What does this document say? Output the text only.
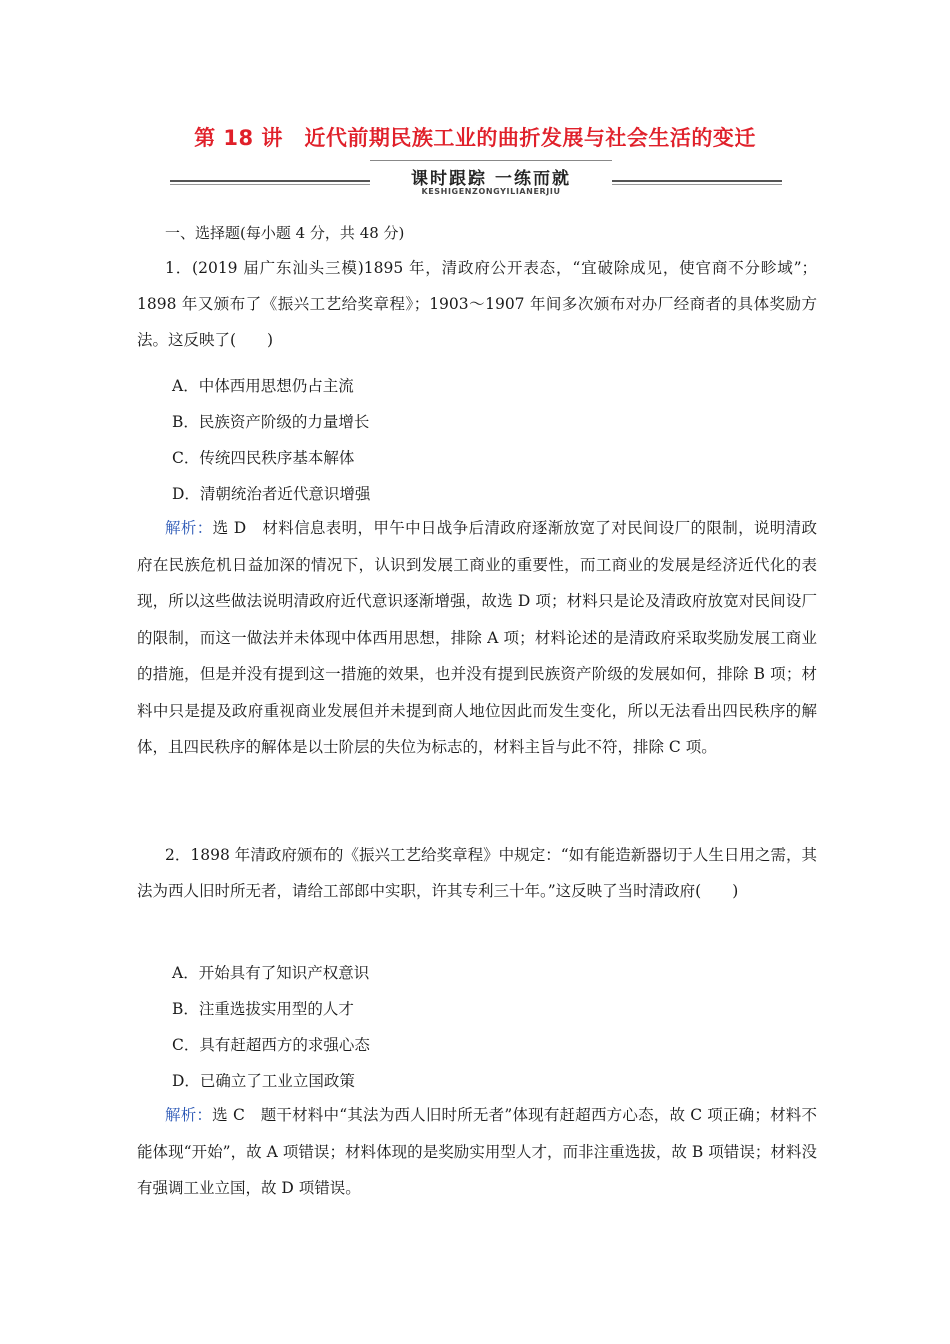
第 18 讲　近代前期民族工业的曲折发展与社会生活的变迁
课时跟踪 一练而就
KESHIGENZONGYILIANERJIU
一、选择题(每小题 4 分，共 48 分)
1．(2019 届广东汕头三模)1895 年，清政府公开表态，“宜破除成见，使官商不分畛域”；1898 年又颁布了《振兴工艺给奖章程》；1903～1907 年间多次颁布对办厂经商者的具体奖励方法。这反映了(　　)
A．中体西用思想仍占主流
B．民族资产阶级的力量增长
C．传统四民秩序基本解体
D．清朝统治者近代意识增强
解析：选 D　材料信息表明，甲午中日战争后清政府逐渐放宽了对民间设厂的限制，说明清政府在民族危机日益加深的情况下，认识到发展工商业的重要性，而工商业的发展是经济近代化的表现，所以这些做法说明清政府近代意识逐渐增强，故选 D 项；材料只是论及清政府放宽对民间设厂的限制，而这一做法并未体现中体西用思想，排除 A 项；材料论述的是清政府采取奖励发展工商业的措施，但是并没有提到这一措施的效果，也并没有提到民族资产阶级的发展如何，排除 B 项；材料中只是提及政府重视商业发展但并未提到商人地位因此而发生变化，所以无法看出四民秩序的解体，且四民秩序的解体是以士阶层的失位为标志的，材料主旨与此不符，排除 C 项。
2．1898 年清政府颁布的《振兴工艺给奖章程》中规定：“如有能造新器切于人生日用之需，其法为西人旧时所无者，请给工部郎中实职，许其专利三十年。”这反映了当时清政府(　　)
A．开始具有了知识产权意识
B．注重选拔实用型的人才
C．具有赶超西方的求强心态
D．已确立了工业立国政策
解析：选 C　题干材料中“其法为西人旧时所无者”体现有赶超西方心态，故 C 项正确；材料不能体现“开始”，故 A 项错误；材料体现的是奖励实用型人才，而非注重选拔，故 B 项错误；材料没有强调工业立国，故 D 项错误。
